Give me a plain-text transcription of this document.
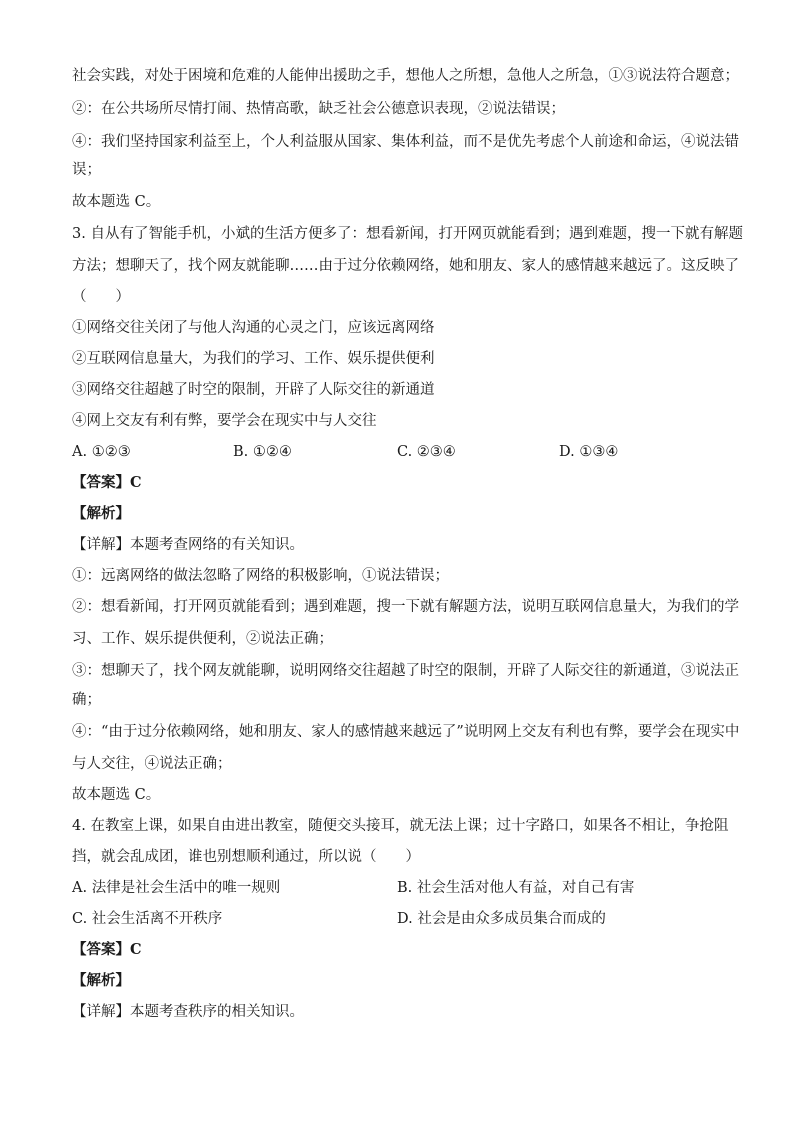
社会实践，对处于困境和危难的人能伸出援助之手，想他人之所想，急他人之所急，①③说法符合题意；
②：在公共场所尽情打闹、热情高歌，缺乏社会公德意识表现，②说法错误；
④：我们坚持国家利益至上，个人利益服从国家、集体利益，而不是优先考虑个人前途和命运，④说法错
误；
故本题选 C。
3. 自从有了智能手机，小斌的生活方便多了：想看新闻，打开网页就能看到；遇到难题，搜一下就有解题
方法；想聊天了，找个网友就能聊……由于过分依赖网络，她和朋友、家人的感情越来越远了。这反映了
（　　）
①网络交往关闭了与他人沟通的心灵之门，应该远离网络
②互联网信息量大，为我们的学习、工作、娱乐提供便利
③网络交往超越了时空的限制，开辟了人际交往的新通道
④网上交友有利有弊，要学会在现实中与人交往
A. ①②③	B. ①②④	C. ②③④	D. ①③④
【答案】C
【解析】
【详解】本题考查网络的有关知识。
①：远离网络的做法忽略了网络的积极影响，①说法错误；
②：想看新闻，打开网页就能看到；遇到难题，搜一下就有解题方法，说明互联网信息量大，为我们的学
习、工作、娱乐提供便利，②说法正确；
③：想聊天了，找个网友就能聊，说明网络交往超越了时空的限制，开辟了人际交往的新通道，③说法正
确；
④：“由于过分依赖网络，她和朋友、家人的感情越来越远了”说明网上交友有利也有弊，要学会在现实中
与人交往，④说法正确；
故本题选 C。
4. 在教室上课，如果自由进出教室，随便交头接耳，就无法上课；过十字路口，如果各不相让，争抢阻
挡，就会乱成团，谁也别想顺利通过，所以说（　　）
A. 法律是社会生活中的唯一规则	B. 社会生活对他人有益，对自己有害
C. 社会生活离不开秩序	D. 社会是由众多成员集合而成的
【答案】C
【解析】
【详解】本题考查秩序的相关知识。
